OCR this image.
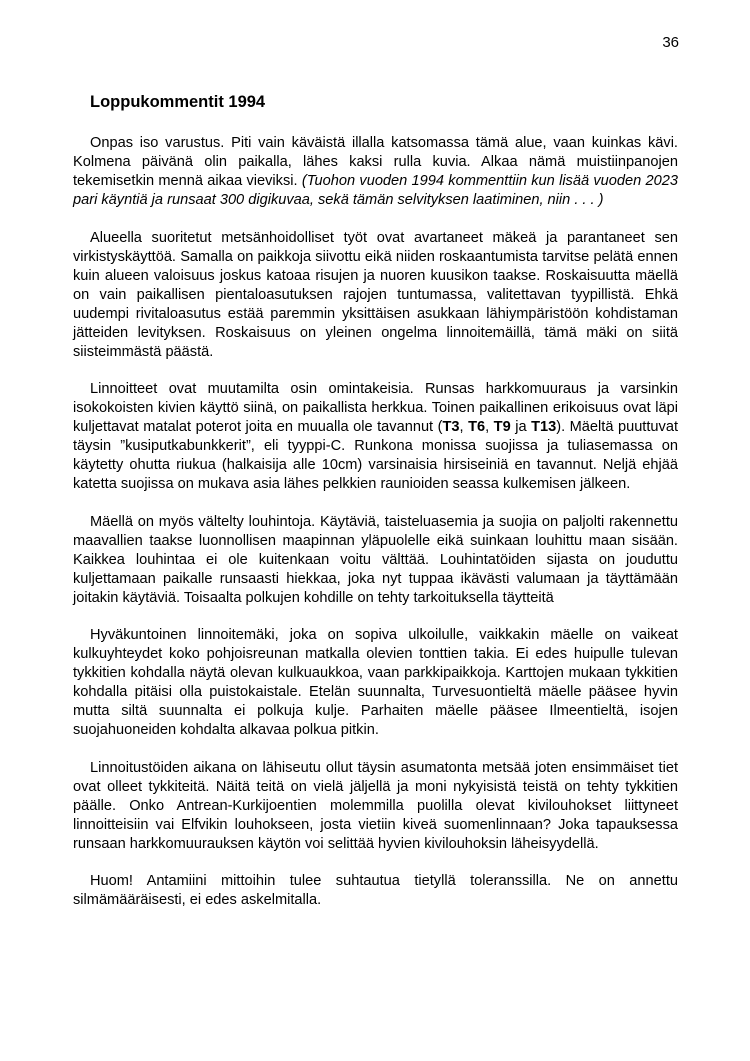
36
Loppukommentit 1994

Onpas iso varustus. Piti vain käväistä illalla katsomassa tämä alue, vaan kuinkas kävi. Kolmena päivänä olin paikalla, lähes kaksi rulla kuvia. Alkaa nämä muistiinpanojen tekemisetkin mennä aikaa vieviksi. (Tuohon vuoden 1994 kommenttiin kun lisää vuoden 2023 pari käyntiä ja runsaat 300 digikuvaa, sekä tämän selvityksen laatiminen, niin . . . )

Alueella suoritetut metsänhoidolliset työt ovat avartaneet mäkeä ja parantaneet sen virkistyskäyttöä. Samalla on paikkoja siivottu eikä niiden roskaantumista tarvitse pelätä ennen kuin alueen valoisuus joskus katoaa risujen ja nuoren kuusikon taakse. Roskaisuutta mäellä on vain paikallisen pientaloasutuksen rajojen tuntumassa, valitettavan tyypillistä. Ehkä uudempi rivitaloasutus estää paremmin yksittäisen asukkaan lähiympäristöön kohdistaman jätteiden levityksen. Roskaisuus on yleinen ongelma linnoitemäillä, tämä mäki on siitä siisteimmästä päästä.

Linnoitteet ovat muutamilta osin omintakeisia. Runsas harkkomuuraus ja varsinkin isokokoisten kivien käyttö siinä, on paikallista herkkua. Toinen paikallinen erikoisuus ovat läpi kuljettavat matalat poterot joita en muualla ole tavannut (T3, T6, T9 ja T13). Mäeltä puuttuvat täysin ”kusiputkabunkkerit”, eli tyyppi-C. Runkona monissa suojissa ja tuliasemassa on käytetty ohutta riukua (halkaisija alle 10cm) varsinaisia hirsiseiniä en tavannut. Neljä ehjää katetta suojissa on mukava asia lähes pelkkien raunioiden seassa kulkemisen jälkeen.

Mäellä on myös vältelty louhintoja. Käytäviä, taisteluasemia ja suojia on paljolti rakennettu maavallien taakse luonnollisen maapinnan yläpuolelle eikä suinkaan louhittu maan sisään. Kaikkea louhintaa ei ole kuitenkaan voitu välttää. Louhintatöiden sijasta on jouduttu kuljettamaan paikalle runsaasti hiekkaa, joka nyt tuppaa ikävästi valumaan ja täyttämään joitakin käytäviä. Toisaalta polkujen kohdille on tehty tarkoituksella täytteitä

Hyväkuntoinen linnoitemäki, joka on sopiva ulkoilulle, vaikkakin mäelle on vaikeat kulkuyhteydet koko pohjoisreunan matkalla olevien tonttien takia. Ei edes huipulle tulevan tykkitien kohdalla näytä olevan kulkuaukkoa, vaan parkkipaikkoja. Karttojen mukaan tykkitien kohdalla pitäisi olla puistokaistale. Etelän suunnalta, Turvesuontieltä mäelle pääsee hyvin mutta siltä suunnalta ei polkuja kulje. Parhaiten mäelle pääsee Ilmeentieltä, isojen suojahuoneiden kohdalta alkavaa polkua pitkin.

Linnoitustöiden aikana on lähiseutu ollut täysin asumatonta metsää joten ensimmäiset tiet ovat olleet tykkiteitä. Näitä teitä on vielä jäljellä ja moni nykyisistä teistä on tehty tykkitien päälle. Onko Antrean-Kurkijoentien molemmilla puolilla olevat kivilouhokset liittyneet linnoitteisiin vai Elfvikin louhokseen, josta vietiin kiveä suomenlinnaan? Joka tapauksessa runsaan harkkomuurauksen käytön voi selittää hyvien kivilouhoksin läheisyydellä.

Huom! Antamiini mittoihin tulee suhtautua tietyllä toleranssilla. Ne on annettu silmämääräisesti, ei edes askelmitalla.
